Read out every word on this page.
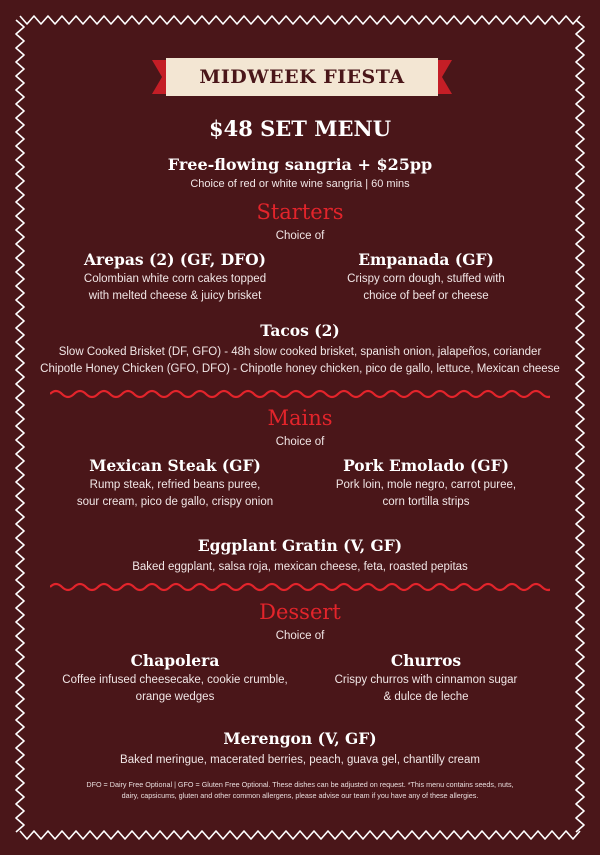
MIDWEEK FIESTA
$48 SET MENU
Free-flowing sangria + $25pp
Choice of red or white wine sangria | 60 mins
Starters
Choice of
Arepas (2) (GF, DFO)
Colombian white corn cakes topped
with melted cheese & juicy brisket
Empanada (GF)
Crispy corn dough, stuffed with
choice of beef or cheese
Tacos (2)
Slow Cooked Brisket (DF, GFO) - 48h slow cooked brisket, spanish onion, jalapeños, coriander
Chipotle Honey Chicken (GFO, DFO) - Chipotle honey chicken, pico de gallo, lettuce, Mexican cheese
Mains
Choice of
Mexican Steak (GF)
Rump steak, refried beans puree,
sour cream, pico de gallo, crispy onion
Pork Emolado (GF)
Pork loin, mole negro, carrot puree,
corn tortilla strips
Eggplant Gratin (V, GF)
Baked eggplant, salsa roja, mexican cheese, feta, roasted pepitas
Dessert
Choice of
Chapolera
Coffee infused cheesecake, cookie crumble,
orange wedges
Churros
Crispy churros with cinnamon sugar
& dulce de leche
Merengon (V, GF)
Baked meringue, macerated berries, peach, guava gel, chantilly cream
DFO = Dairy Free Optional | GFO = Gluten Free Optional. These dishes can be adjusted on request. *This menu contains seeds, nuts,
dairy, capsicums, gluten and other common allergens, please advise our team if you have any of these allergies.
